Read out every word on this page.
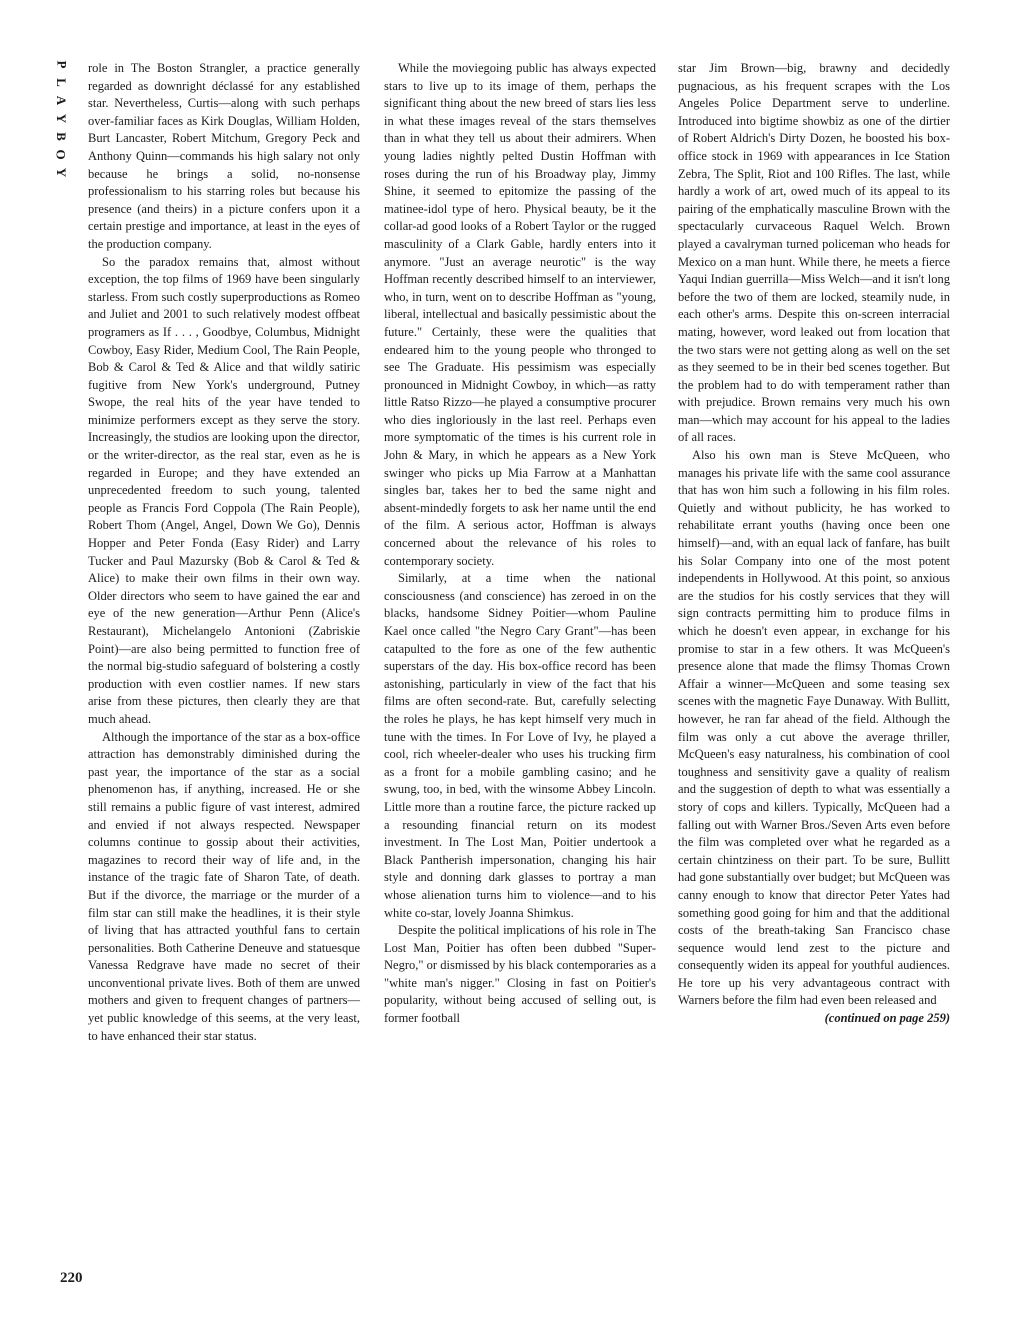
P
L
A
Y
B
O
Y
220

role in The Boston Strangler, a practice generally regarded as downright déclassé for any established star. Nevertheless, Curtis—along with such perhaps over-familiar faces as Kirk Douglas, William Holden, Burt Lancaster, Robert Mitchum, Gregory Peck and Anthony Quinn—commands his high salary not only because he brings a solid, no-nonsense professionalism to his starring roles but because his presence (and theirs) in a picture confers upon it a certain prestige and importance, at least in the eyes of the production company.

So the paradox remains that, almost without exception, the top films of 1969 have been singularly starless. From such costly superproductions as Romeo and Juliet and 2001 to such relatively modest offbeat programers as If . . . , Goodbye, Columbus, Midnight Cowboy, Easy Rider, Medium Cool, The Rain People, Bob & Carol & Ted & Alice and that wildly satiric fugitive from New York's underground, Putney Swope, the real hits of the year have tended to minimize performers except as they serve the story. Increasingly, the studios are looking upon the director, or the writer-director, as the real star, even as he is regarded in Europe; and they have extended an unprecedented freedom to such young, talented people as Francis Ford Coppola (The Rain People), Robert Thom (Angel, Angel, Down We Go), Dennis Hopper and Peter Fonda (Easy Rider) and Larry Tucker and Paul Mazursky (Bob & Carol & Ted & Alice) to make their own films in their own way. Older directors who seem to have gained the ear and eye of the new generation—Arthur Penn (Alice's Restaurant), Michelangelo Antonioni (Zabriskie Point)—are also being permitted to function free of the normal big-studio safeguard of bolstering a costly production with even costlier names. If new stars arise from these pictures, then clearly they are that much ahead.

Although the importance of the star as a box-office attraction has demonstrably diminished during the past year, the importance of the star as a social phenomenon has, if anything, increased. He or she still remains a public figure of vast interest, admired and envied if not always respected. Newspaper columns continue to gossip about their activities, magazines to record their way of life and, in the instance of the tragic fate of Sharon Tate, of death. But if the divorce, the marriage or the murder of a film star can still make the headlines, it is their style of living that has attracted youthful fans to certain personalities. Both Catherine Deneuve and statuesque Vanessa Redgrave have made no secret of their unconventional private lives. Both of them are unwed mothers and given to frequent changes of partners—yet public knowledge of this seems, at the very least, to have enhanced their star status.

While the moviegoing public has always expected stars to live up to its image of them, perhaps the significant thing about the new breed of stars lies less in what these images reveal of the stars themselves than in what they tell us about their admirers. When young ladies nightly pelted Dustin Hoffman with roses during the run of his Broadway play, Jimmy Shine, it seemed to epitomize the passing of the matinee-idol type of hero. Physical beauty, be it the collar-ad good looks of a Robert Taylor or the rugged masculinity of a Clark Gable, hardly enters into it anymore. "Just an average neurotic" is the way Hoffman recently described himself to an interviewer, who, in turn, went on to describe Hoffman as "young, liberal, intellectual and basically pessimistic about the future." Certainly, these were the qualities that endeared him to the young people who thronged to see The Graduate. His pessimism was especially pronounced in Midnight Cowboy, in which—as ratty little Ratso Rizzo—he played a consumptive procurer who dies ingloriously in the last reel. Perhaps even more symptomatic of the times is his current role in John & Mary, in which he appears as a New York swinger who picks up Mia Farrow at a Manhattan singles bar, takes her to bed the same night and absent-mindedly forgets to ask her name until the end of the film. A serious actor, Hoffman is always concerned about the relevance of his roles to contemporary society.

Similarly, at a time when the national consciousness (and conscience) has zeroed in on the blacks, handsome Sidney Poitier—whom Pauline Kael once called "the Negro Cary Grant"—has been catapulted to the fore as one of the few authentic superstars of the day. His box-office record has been astonishing, particularly in view of the fact that his films are often second-rate. But, carefully selecting the roles he plays, he has kept himself very much in tune with the times. In For Love of Ivy, he played a cool, rich wheeler-dealer who uses his trucking firm as a front for a mobile gambling casino; and he swung, too, in bed, with the winsome Abbey Lincoln. Little more than a routine farce, the picture racked up a resounding financial return on its modest investment. In The Lost Man, Poitier undertook a Black Pantherish impersonation, changing his hair style and donning dark glasses to portray a man whose alienation turns him to violence—and to his white co-star, lovely Joanna Shimkus.

Despite the political implications of his role in The Lost Man, Poitier has often been dubbed "Super-Negro," or dismissed by his black contemporaries as a "white man's nigger." Closing in fast on Poitier's popularity, without being accused of selling out, is former football

star Jim Brown—big, brawny and decidedly pugnacious, as his frequent scrapes with the Los Angeles Police Department serve to underline. Introduced into bigtime showbiz as one of the dirtier of Robert Aldrich's Dirty Dozen, he boosted his box-office stock in 1969 with appearances in Ice Station Zebra, The Split, Riot and 100 Rifles. The last, while hardly a work of art, owed much of its appeal to its pairing of the emphatically masculine Brown with the spectacularly curvaceous Raquel Welch. Brown played a cavalryman turned policeman who heads for Mexico on a man hunt. While there, he meets a fierce Yaqui Indian guerrilla—Miss Welch—and it isn't long before the two of them are locked, steamily nude, in each other's arms. Despite this on-screen interracial mating, however, word leaked out from location that the two stars were not getting along as well on the set as they seemed to be in their bed scenes together. But the problem had to do with temperament rather than with prejudice. Brown remains very much his own man—which may account for his appeal to the ladies of all races.

Also his own man is Steve McQueen, who manages his private life with the same cool assurance that has won him such a following in his film roles. Quietly and without publicity, he has worked to rehabilitate errant youths (having once been one himself)—and, with an equal lack of fanfare, has built his Solar Company into one of the most potent independents in Hollywood. At this point, so anxious are the studios for his costly services that they will sign contracts permitting him to produce films in which he doesn't even appear, in exchange for his promise to star in a few others. It was McQueen's presence alone that made the flimsy Thomas Crown Affair a winner—McQueen and some teasing sex scenes with the magnetic Faye Dunaway. With Bullitt, however, he ran far ahead of the field. Although the film was only a cut above the average thriller, McQueen's easy naturalness, his combination of cool toughness and sensitivity gave a quality of realism and the suggestion of depth to what was essentially a story of cops and killers. Typically, McQueen had a falling out with Warner Bros./Seven Arts even before the film was completed over what he regarded as a certain chintziness on their part. To be sure, Bullitt had gone substantially over budget; but McQueen was canny enough to know that director Peter Yates had something good going for him and that the additional costs of the breath-taking San Francisco chase sequence would lend zest to the picture and consequently widen its appeal for youthful audiences. He tore up his very advantageous contract with Warners before the film had even been released and

(continued on page 259)
